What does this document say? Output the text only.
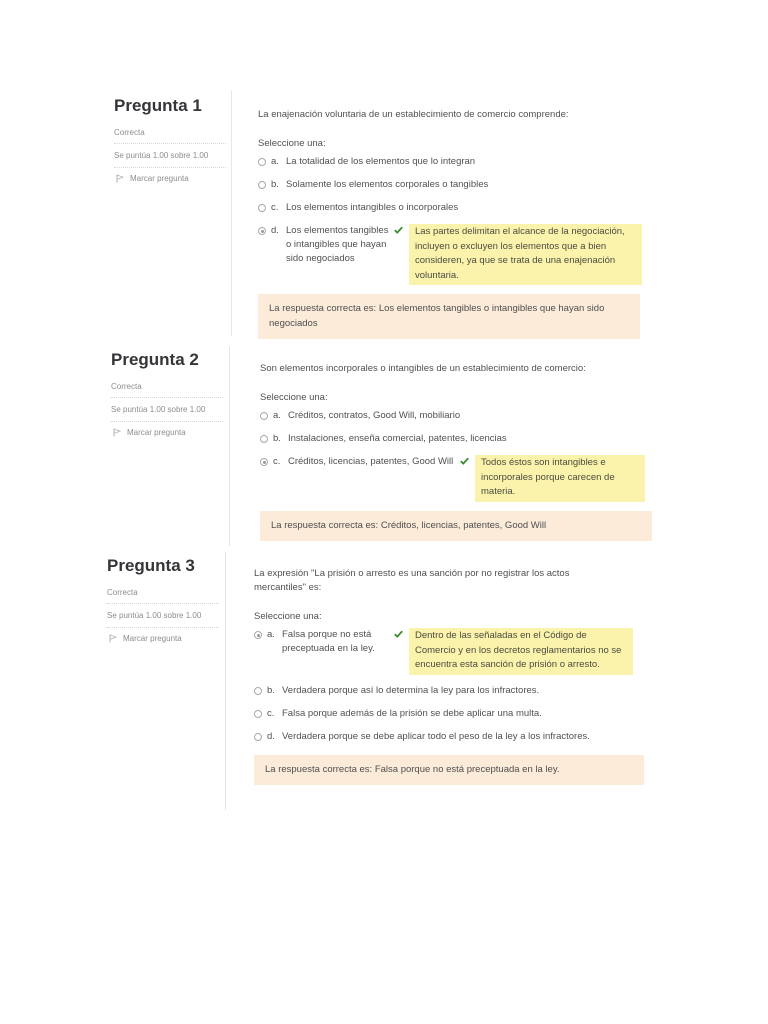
Pregunta 1
Correcta
Se puntúa 1.00 sobre 1.00
Marcar pregunta
La enajenación voluntaria de un establecimiento de comercio comprende:
Seleccione una:
a. La totalidad de los elementos que lo integran
b. Solamente los elementos corporales o tangibles
c. Los elementos intangibles o incorporales
d. Los elementos tangibles o intangibles que hayan sido negociados
Las partes delimitan el alcance de la negociación, incluyen o excluyen los elementos que a bien consideren, ya que se trata de una enajenación voluntaria.
La respuesta correcta es: Los elementos tangibles o intangibles que hayan sido negociados
Pregunta 2
Correcta
Se puntúa 1.00 sobre 1.00
Marcar pregunta
Son elementos incorporales o intangibles de un establecimiento de comercio:
Seleccione una:
a. Créditos, contratos, Good Will, mobiliario
b. Instalaciones, enseña comercial, patentes, licencias
c. Créditos, licencias, patentes, Good Will	Todos éstos son intangibles e incorporales porque carecen de materia.
La respuesta correcta es: Créditos, licencias, patentes, Good Will
Pregunta 3
Correcta
Se puntúa 1.00 sobre 1.00
Marcar pregunta
La expresión "La prisión o arresto es una sanción por no registrar los actos mercantiles" es:
Seleccione una:
a. Falsa porque no está preceptuada en la ley.
Dentro de las señaladas en el Código de Comercio y en los decretos reglamentarios no se encuentra esta sanción de prisión o arresto.
b. Verdadera porque así lo determina la ley para los infractores.
c. Falsa porque además de la prisión se debe aplicar una multa.
d. Verdadera porque se debe aplicar todo el peso de la ley a los infractores.
La respuesta correcta es: Falsa porque no está preceptuada en la ley.
